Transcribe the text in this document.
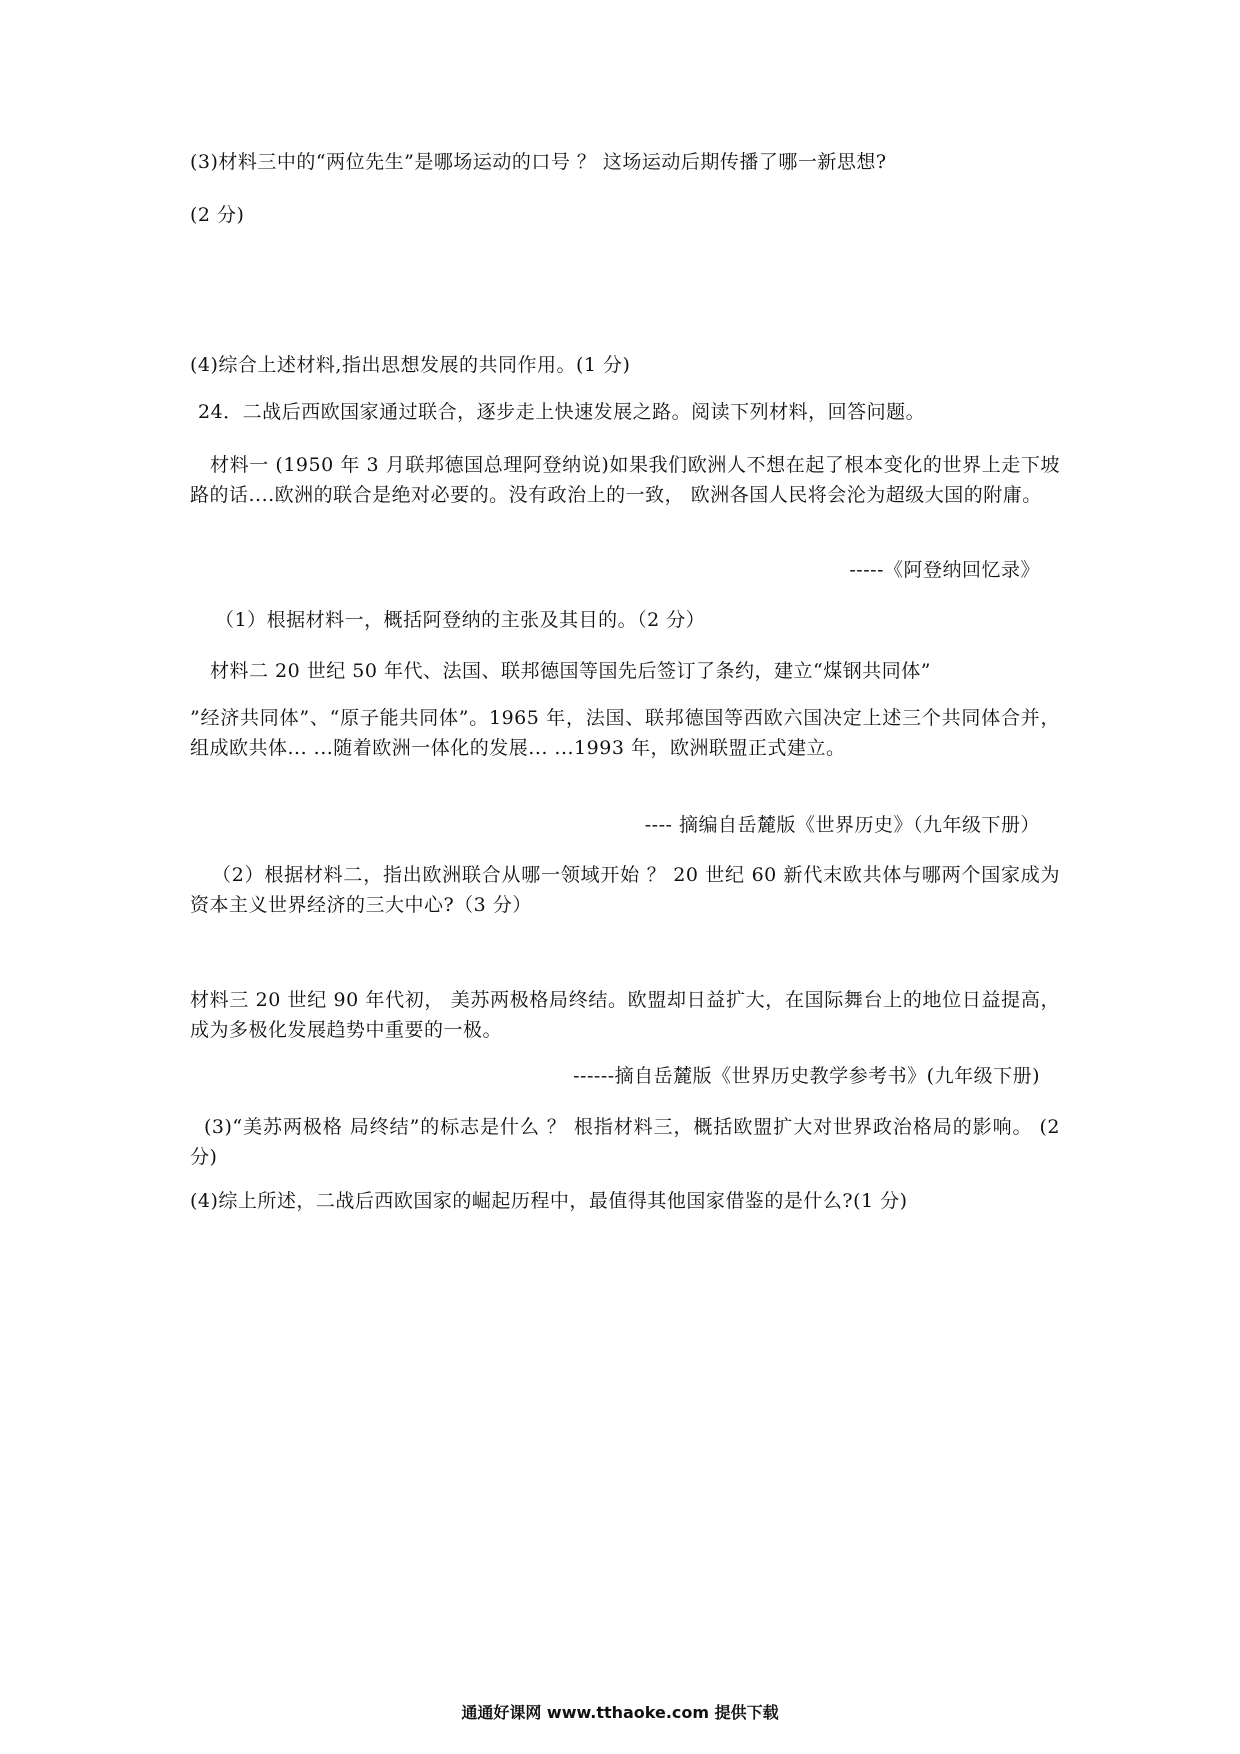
(3)材料三中的“两位先生”是哪场运动的口号 ？ 这场运动后期传播了哪一新思想?
(2 分)
(4)综合上述材料,指出思想发展的共同作用。(1 分)
24．二战后西欧国家通过联合，逐步走上快速发展之路。阅读下列材料，回答问题。
材料一 (1950 年 3 月联邦德国总理阿登纳说)如果我们欧洲人不想在起了根本变化的世界上走下坡路的话....欧洲的联合是绝对必要的。没有政治上的一致， 欧洲各国人民将会沦为超级大国的附庸。
-----《阿登纳回忆录》
（1）根据材料一，概括阿登纳的主张及其目的。（2 分）
材料二 20 世纪 50 年代、法国、联邦德国等国先后签订了条约，建立“煤钢共同体”
”经济共同体”、“原子能共同体”。1965 年，法国、联邦德国等西欧六国决定上述三个共同体合并，组成欧共体... ...随着欧洲一体化的发展... ...1993 年，欧洲联盟正式建立。
---- 摘编自岳麓版《世界历史》（九年级下册）
（2）根据材料二，指出欧洲联合从哪一领域开始 ？ 20 世纪 60 新代末欧共体与哪两个国家成为资本主义世界经济的三大中心?（3 分）
材料三 20 世纪 90 年代初， 美苏两极格局终结。欧盟却日益扩大，在国际舞台上的地位日益提高， 成为多极化发展趋势中重要的一极。
------摘自岳麓版《世界历史教学参考书》(九年级下册)
(3)“美苏两极格 局终结”的标志是什么 ？ 根指材料三，概括欧盟扩大对世界政治格局的影响。 (2 分)
(4)综上所述，二战后西欧国家的崛起历程中，最值得其他国家借鉴的是什么?(1 分)
通通好课网 www.tthaoke.com 提供下载
